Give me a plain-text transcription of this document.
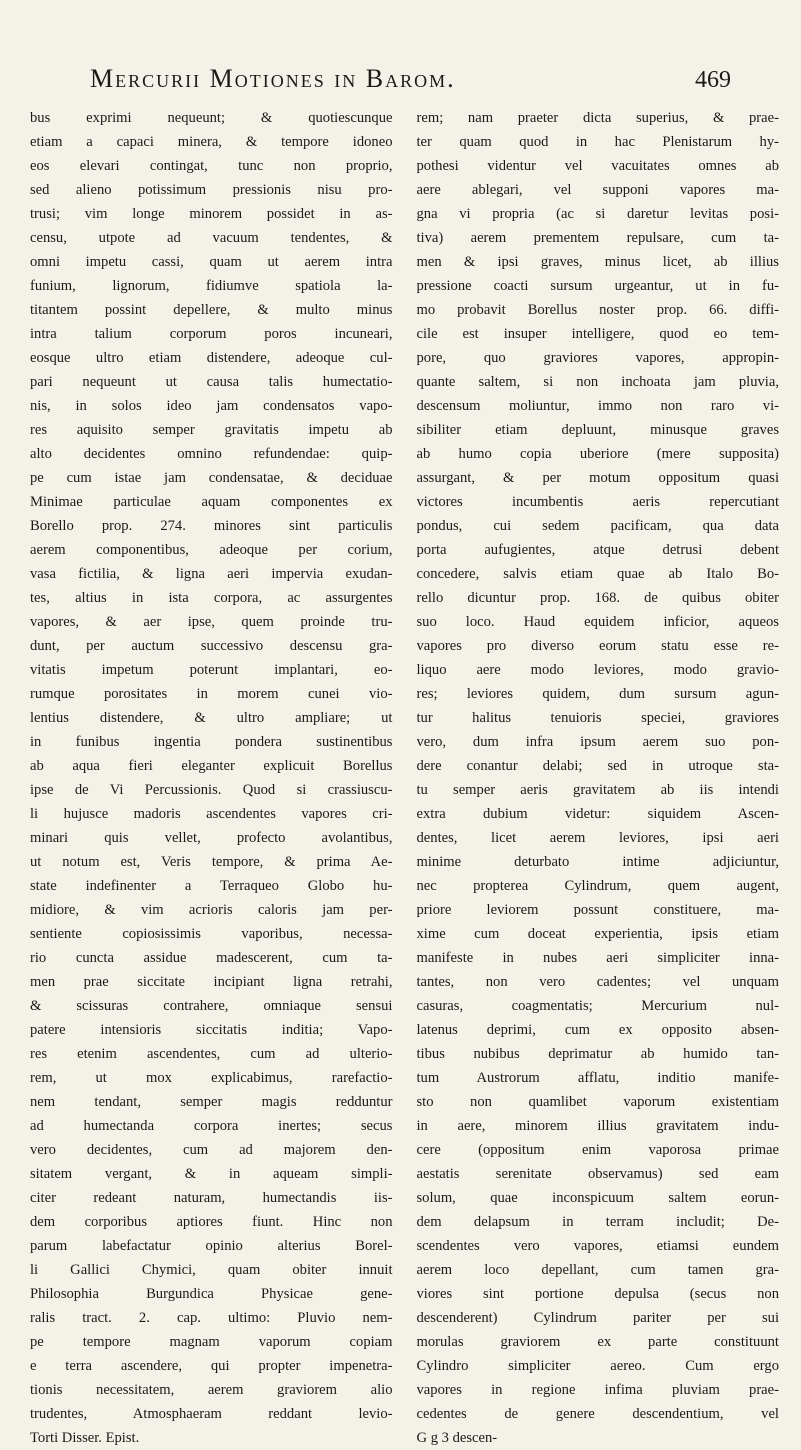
Mercurii Motiones in Barom.	469
bus exprimi nequeunt; & quotiescunque
etiam a capaci minera, & tempore idoneo
eos elevari contingat, tunc non proprio,
sed alieno potissimum pressionis nisu pro-
trusi; vim longe minorem possidet in as-
censu, utpote ad vacuum tendentes, &
omni impetu cassi, quam ut aerem intra
funium, lignorum, fidiumve spatiola la-
titantem possint depellere, & multo minus
intra talium corporum poros incuneari,
eosque ultro etiam distendere, adeoque cul-
pari nequeunt ut causa talis humectatio-
nis, in solos ideo jam condensatos vapo-
res aquisito semper gravitatis impetu ab
alto decidentes omnino refundendae: quip-
pe cum istae jam condensatae, & deciduae
Minimae particulae aquam componentes ex
Borello prop. 274. minores sint particulis
aerem componentibus, adeoque per corium,
vasa fictilia, & ligna aeri impervia exudan-
tes, altius in ista corpora, ac assurgentes
vapores, & aer ipse, quem proinde tru-
dunt, per auctum successivo descensu gra-
vitatis impetum poterunt implantari, eo-
rumque porositates in morem cunei vio-
lentius distendere, & ultro ampliare; ut
in funibus ingentia pondera sustinentibus
ab aqua fieri eleganter explicuit Borellus
ipse de Vi Percussionis. Quod si crassiuscu-
li hujusce madoris ascendentes vapores cri-
minari quis vellet, profecto avolantibus,
ut notum est, Veris tempore, & prima Ae-
state indefinenter a Terraqueo Globo hu-
midiore, & vim acrioris caloris jam per-
sentiente copiosissimis vaporibus, necessa-
rio cuncta assidue madescerent, cum ta-
men prae siccitate incipiant ligna retrahi,
& scissuras contrahere, omniaque sensui
patere intensioris siccitatis inditia; Vapo-
res etenim ascendentes, cum ad ulterio-
rem, ut mox explicabimus, rarefactio-
nem tendant, semper magis redduntur
ad humectanda corpora inertes; secus
vero decidentes, cum ad majorem den-
sitatem vergant, & in aqueam simpli-
citer redeant naturam, humectandis iis-
dem corporibus aptiores fiunt. Hinc non
parum labefactatur opinio alterius Borel-
li Gallici Chymici, quam obiter innuit
Philosophia Burgundica Physicae gene-
ralis tract. 2. cap. ultimo: Pluvio nem-
pe tempore magnam vaporum copiam
e terra ascendere, qui propter impenetra-
tionis necessitatem, aerem graviorem alio
trudentes, Atmosphaeram reddant levio-
Torti Disser. Epist.
rem; nam praeter dicta superius, & prae-
ter quam quod in hac Plenistarum hy-
pothesi videntur vel vacuitates omnes ab
aere ablegari, vel supponi vapores ma-
gna vi propria (ac si daretur levitas posi-
tiva) aerem prementem repulsare, cum ta-
men & ipsi graves, minus licet, ab illius
pressione coacti sursum urgeantur, ut in fu-
mo probavit Borellus noster prop. 66. diffi-
cile est insuper intelligere, quod eo tem-
pore, quo graviores vapores, appropin-
quante saltem, si non inchoata jam pluvia,
descensum moliuntur, immo non raro vi-
sibiliter etiam depluunt, minusque graves
ab humo copia uberiore (mere supposita)
assurgant, & per motum oppositum quasi
victores incumbentis aeris repercutiant
pondus, cui sedem pacificam, qua data
porta aufugientes, atque detrusi debent
concedere, salvis etiam quae ab Italo Bo-
rello dicuntur prop. 168. de quibus obiter
suo loco. Haud equidem inficior, aqueos
vapores pro diverso eorum statu esse re-
liquo aere modo leviores, modo gravio-
res; leviores quidem, dum sursum agun-
tur halitus tenuioris speciei, graviores
vero, dum infra ipsum aerem suo pon-
dere conantur delabi; sed in utroque sta-
tu semper aeris gravitatem ab iis intendi
extra dubium videtur: siquidem Ascen-
dentes, licet aerem leviores, ipsi aeri
minime deturbato intime adjiciuntur,
nec propterea Cylindrum, quem augent,
priore leviorem possunt constituere, ma-
xime cum doceat experientia, ipsis etiam
manifeste in nubes aeri simpliciter inna-
tantes, non vero cadentes; vel unquam
casuras, coagmentatis; Mercurium nul-
latenus deprimi, cum ex opposito absen-
tibus nubibus deprimatur ab humido tan-
tum Austrorum afflatu, inditio manife-
sto non quamlibet vaporum existentiam
in aere, minorem illius gravitatem indu-
cere (oppositum enim vaporosa primae
aestatis serenitate observamus) sed eam
solum, quae inconspicuum saltem eorun-
dem delapsum in terram includit; De-
scendentes vero vapores, etiamsi eundem
aerem loco depellant, cum tamen gra-
viores sint portione depulsa (secus non
descenderent) Cylindrum pariter per sui
morulas graviorem ex parte constituunt
Cylindro simpliciter aereo. Cum ergo
vapores in regione infima pluviam prae-
cedentes de genere descendentium, vel
G g 3 descen-
